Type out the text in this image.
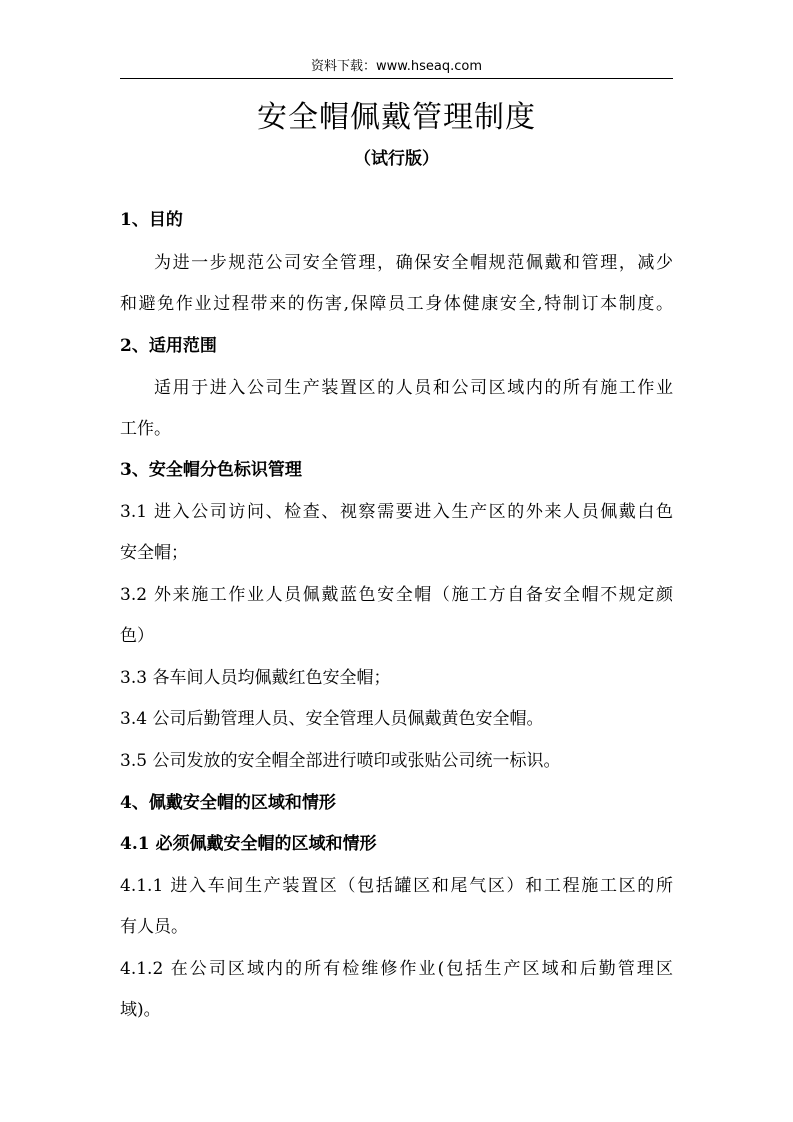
资料下载：www.hseaq.com
安全帽佩戴管理制度
（试行版）
1、目的
为进一步规范公司安全管理，确保安全帽规范佩戴和管理，减少
和避免作业过程带来的伤害,保障员工身体健康安全,特制订本制度。
2、适用范围
适用于进入公司生产装置区的人员和公司区域内的所有施工作业
工作。
3、安全帽分色标识管理
3.1 进入公司访问、检查、视察需要进入生产区的外来人员佩戴白色
安全帽；
3.2 外来施工作业人员佩戴蓝色安全帽（施工方自备安全帽不规定颜
色）
3.3 各车间人员均佩戴红色安全帽；
3.4 公司后勤管理人员、安全管理人员佩戴黄色安全帽。
3.5 公司发放的安全帽全部进行喷印或张贴公司统一标识。
4、佩戴安全帽的区域和情形
4.1 必须佩戴安全帽的区域和情形
4.1.1 进入车间生产装置区（包括罐区和尾气区）和工程施工区的所
有人员。
4.1.2 在公司区域内的所有检维修作业(包括生产区域和后勤管理区
域)。
